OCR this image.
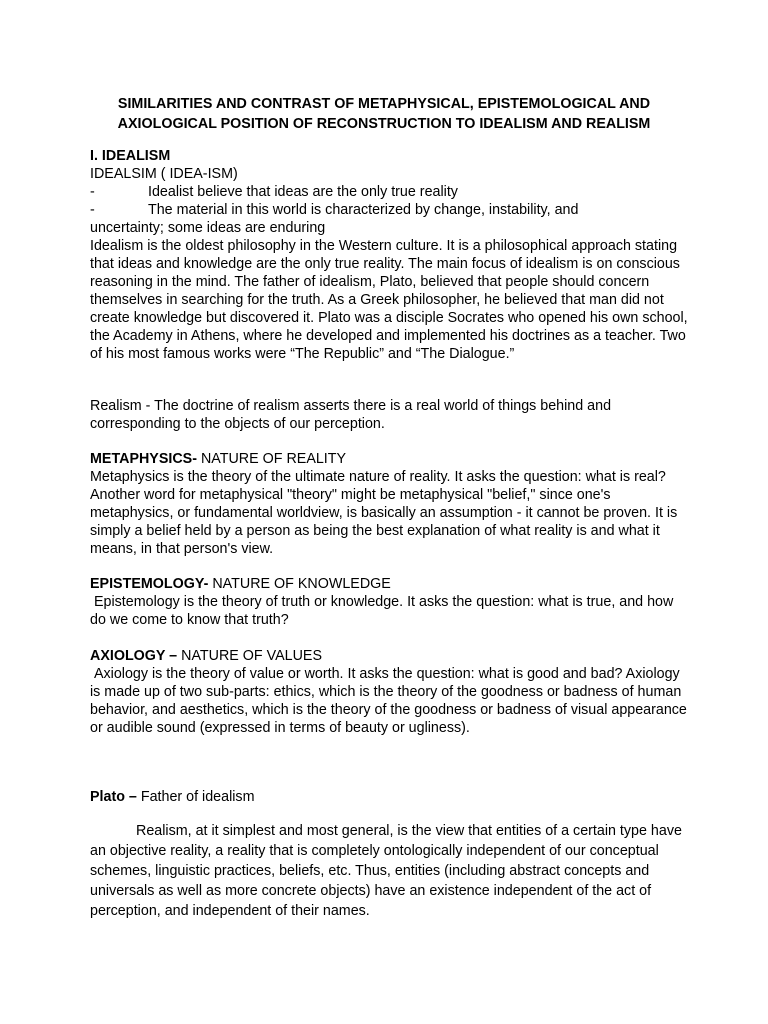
SIMILARITIES AND CONTRAST OF METAPHYSICAL, EPISTEMOLOGICAL AND
AXIOLOGICAL POSITION OF RECONSTRUCTION TO IDEALISM AND REALISM
I. IDEALISM
IDEALSIM ( IDEA-ISM)
-	Idealist believe that ideas are the only true reality
-	The material in this world is characterized by change, instability, and
uncertainty; some ideas are enduring

Idealism is the oldest philosophy in the Western culture. It is a philosophical approach stating that ideas and knowledge are the only true reality. The main focus of idealism is on conscious reasoning in the mind. The father of idealism, Plato, believed that people should concern themselves in searching for the truth. As a Greek philosopher, he believed that man did not create knowledge but discovered it. Plato was a disciple Socrates who opened his own school, the Academy in Athens, where he developed and implemented his doctrines as a teacher. Two of his most famous works were “The Republic” and “The Dialogue.”

Realism - The doctrine of realism asserts there is a real world of things behind and corresponding to the objects of our perception.

METAPHYSICS- NATURE OF REALITY

Metaphysics is the theory of the ultimate nature of reality. It asks the question: what is real? Another word for metaphysical "theory" might be metaphysical "belief," since one's metaphysics, or fundamental worldview, is basically an assumption - it cannot be proven. It is simply a belief held by a person as being the best explanation of what reality is and what it means, in that person's view.

EPISTEMOLOGY- NATURE OF KNOWLEDGE

Epistemology is the theory of truth or knowledge. It asks the question: what is true, and how do we come to know that truth?

AXIOLOGY – NATURE OF VALUES

Axiology is the theory of value or worth. It asks the question: what is good and bad? Axiology is made up of two sub-parts: ethics, which is the theory of the goodness or badness of human behavior, and aesthetics, which is the theory of the goodness or badness of visual appearance or audible sound (expressed in terms of beauty or ugliness).

Plato – Father of idealism

Realism, at it simplest and most general, is the view that entities of a certain type have an objective reality, a reality that is completely ontologically independent of our conceptual schemes, linguistic practices, beliefs, etc. Thus, entities (including abstract concepts and universals as well as more concrete objects) have an existence independent of the act of perception, and independent of their names.
